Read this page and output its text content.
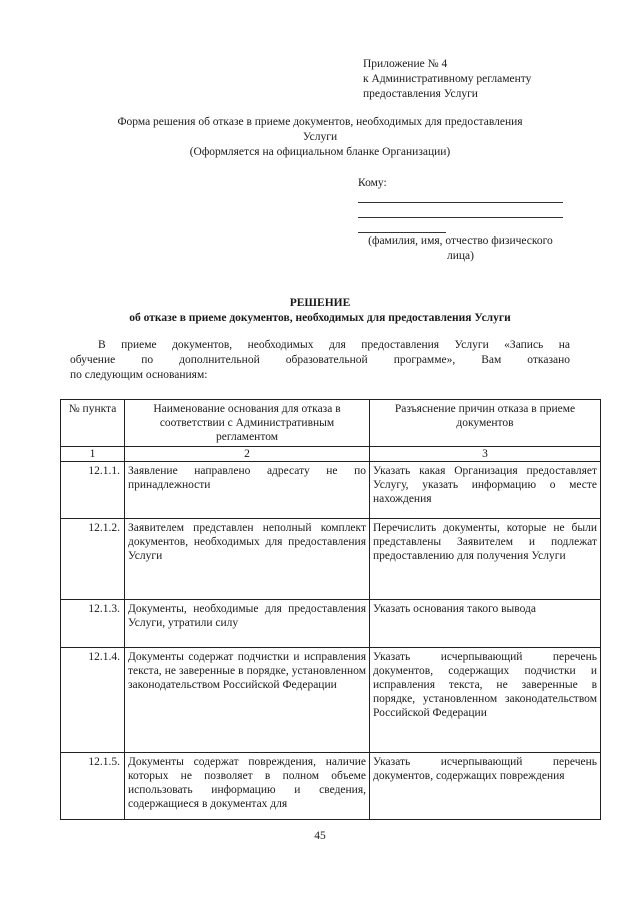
Приложение № 4
к Административному регламенту
предоставления Услуги
Форма решения об отказе в приеме документов, необходимых для предоставления
Услуги
(Оформляется на официальном бланке Организации)
Кому:
(фамилия, имя, отчество физического
лица)
РЕШЕНИЕ
об отказе в приеме документов, необходимых для предоставления Услуги

В приеме документов, необходимых для предоставления Услуги «Запись на

обучение по дополнительной образовательной программе», Вам отказано

по следующим основаниям:

№ пункта	Наименование основания для отказа в соответствии с Административным регламентом	Разъяснение причин отказа в приеме документов
1	2	3
12.1.1.	Заявление направлено адресату не по принадлежности	Указать какая Организация предоставляет Услугу, указать информацию о месте нахождения
12.1.2.	Заявителем представлен неполный комплект документов, необходимых для предоставления Услуги	Перечислить документы, которые не были представлены Заявителем и подлежат предоставлению для получения Услуги
12.1.3.	Документы, необходимые для предоставления Услуги, утратили силу	Указать основания такого вывода
12.1.4.	Документы содержат подчистки и исправления текста, не заверенные в порядке, установленном законодательством Российской Федерации	Указать исчерпывающий перечень документов, содержащих подчистки и исправления текста, не заверенные в порядке, установленном законодательством Российской Федерации
12.1.5.	Документы содержат повреждения, наличие которых не позволяет в полном объеме использовать информацию и сведения, содержащиеся в документах для	Указать исчерпывающий перечень документов, содержащих повреждения
45
